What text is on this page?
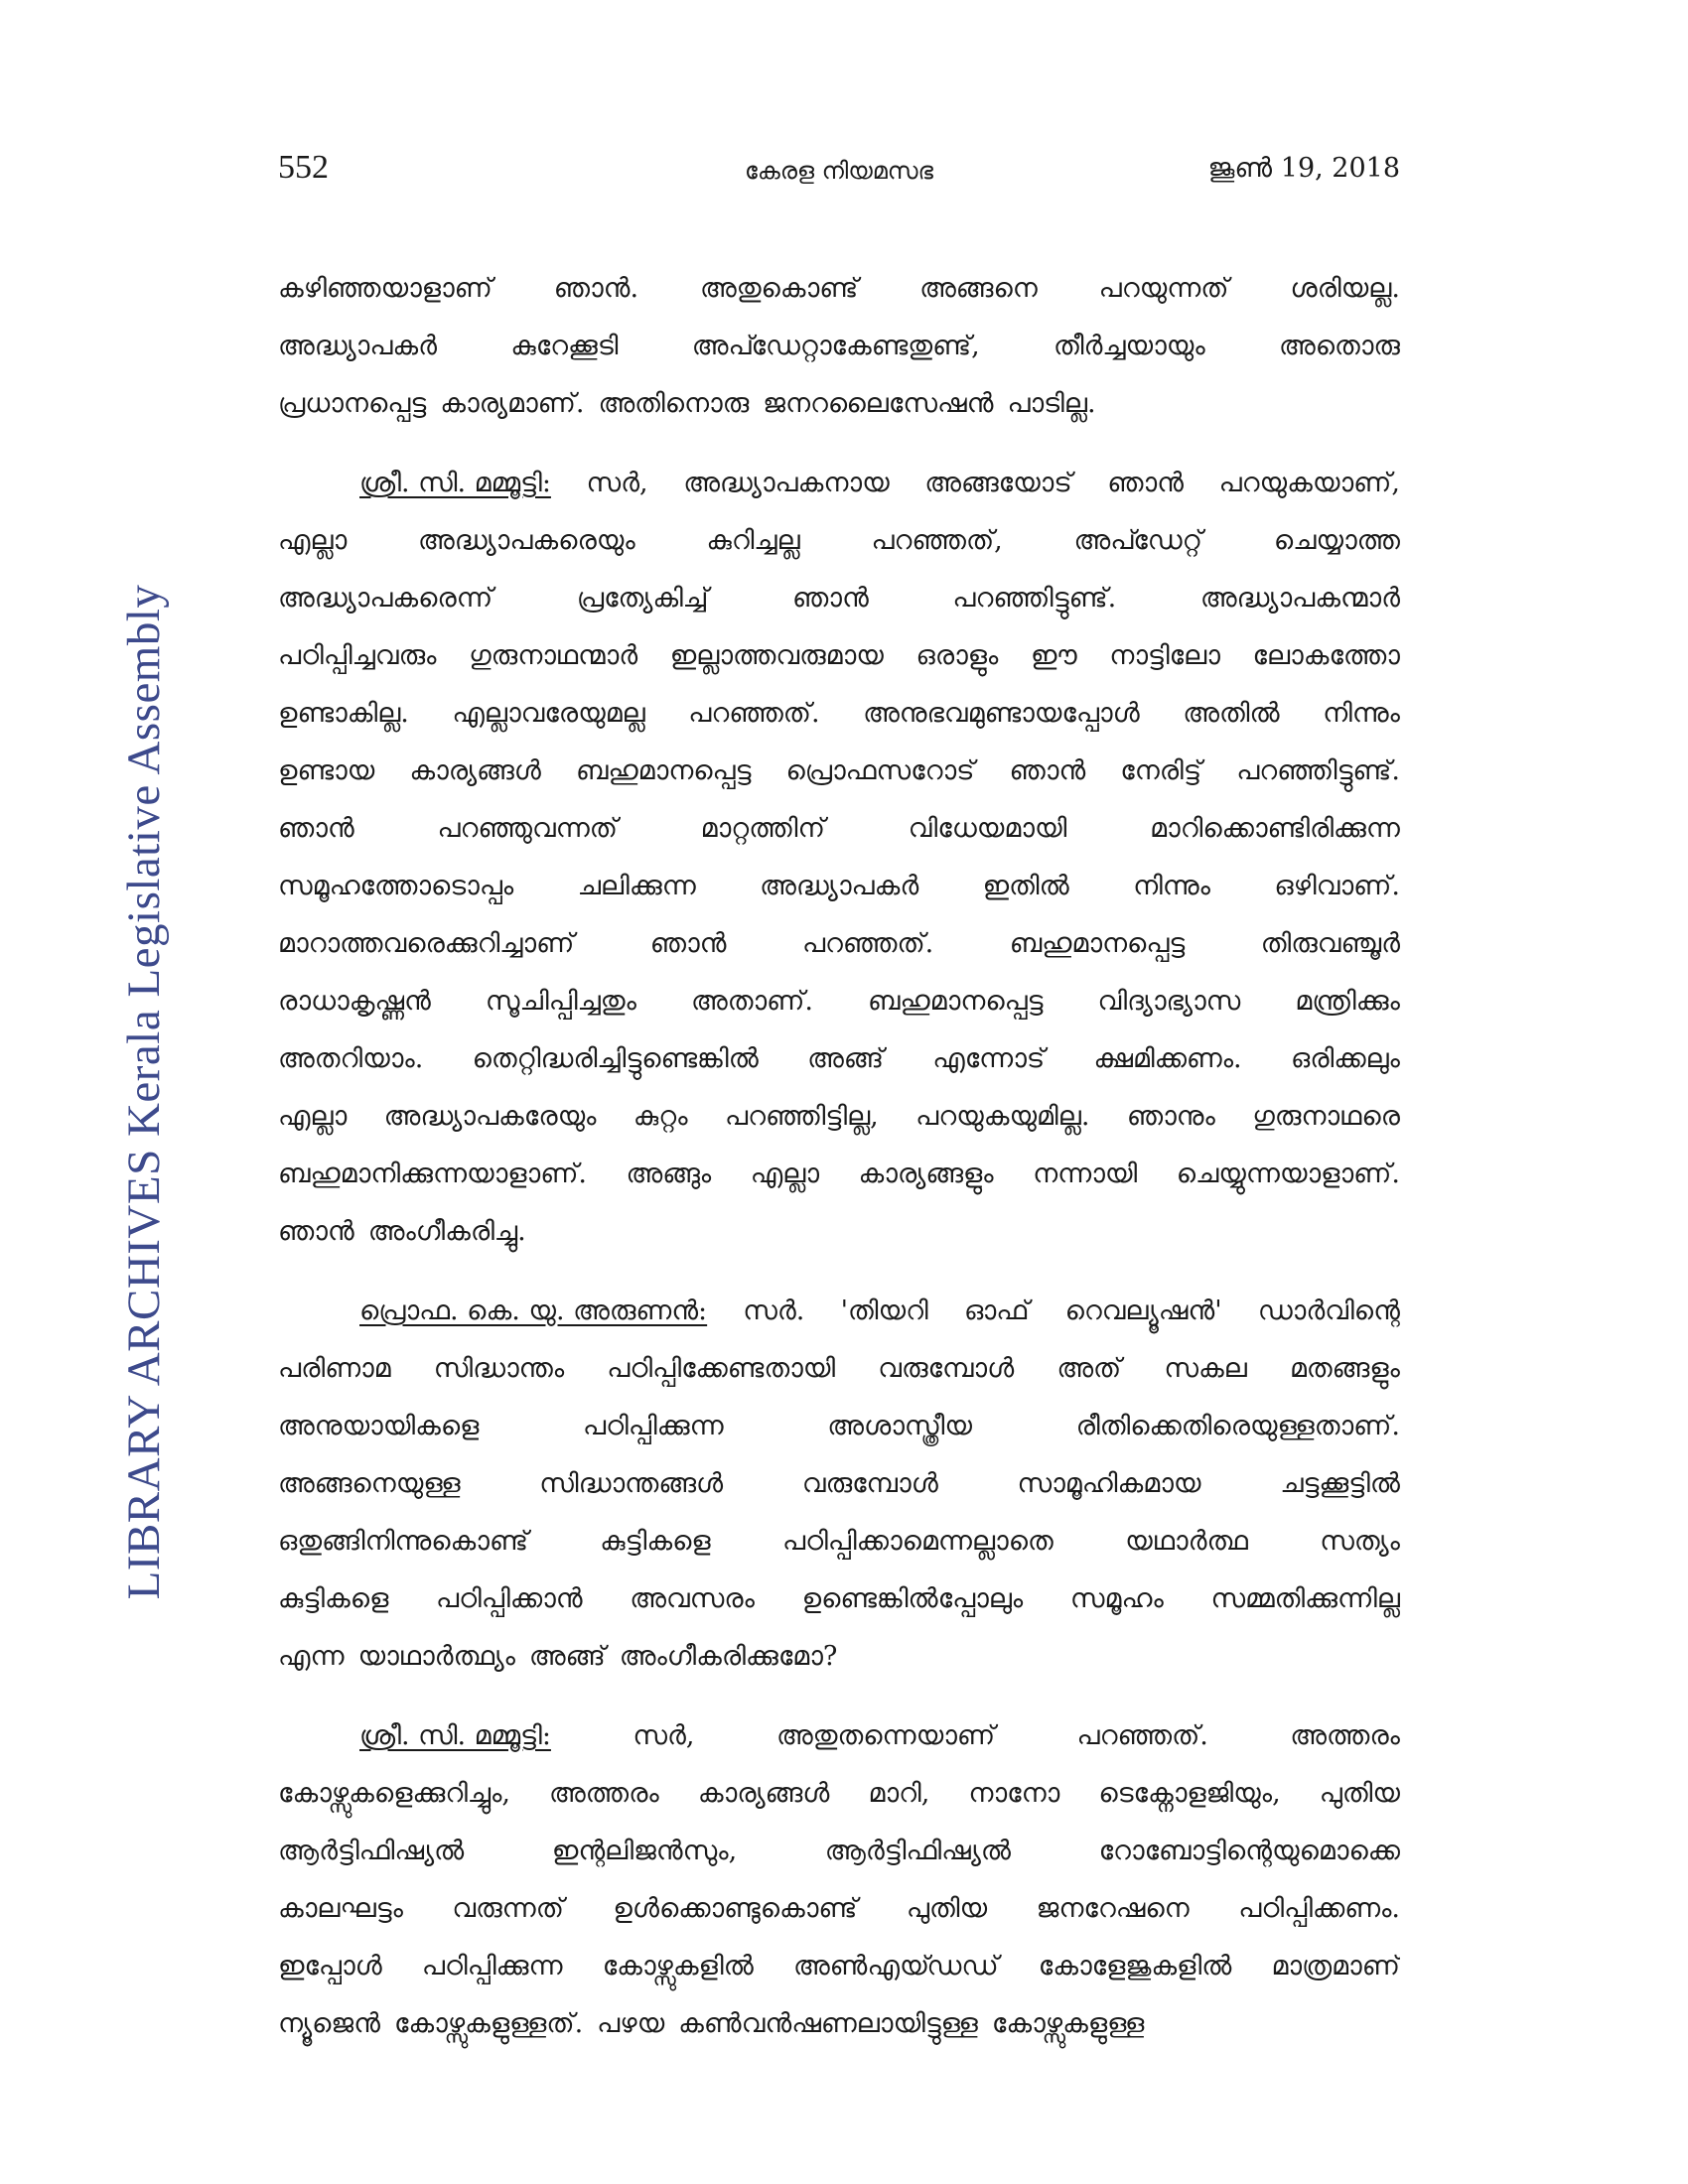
552	കേരള നിയമസഭ	ജൂൺ 19, 2018
LIBRARY ARCHIVES Kerala Legislative Assembly
കഴിഞ്ഞയാളാണ് ഞാൻ. അതുകൊണ്ട് അങ്ങനെ പറയുന്നത് ശരിയല്ല.
അദ്ധ്യാപകർ	കുറേക്കൂടി	അപ്ഡേറ്റാകേണ്ടതുണ്ട്,	തീർച്ചയായും	അതൊരു
പ്രധാനപ്പെട്ട കാര്യമാണ്. അതിനൊരു ജനറലൈസേഷൻ പാടില്ല.
ശ്രീ. സി. മമ്മൂട്ടി: സർ, അദ്ധ്യാപകനായ അങ്ങയോട് ഞാൻ പറയുകയാണ്,
എല്ലാ	അദ്ധ്യാപകരെയും	കുറിച്ചല്ല	പറഞ്ഞത്,	അപ്ഡേറ്റ്	ചെയ്യാത്ത
അദ്ധ്യാപകരെന്ന്	പ്രത്യേകിച്ച്	ഞാൻ	പറഞ്ഞിട്ടുണ്ട്.	അദ്ധ്യാപകന്മാർ
പഠിപ്പിച്ചവരും ഗുരുനാഥന്മാർ ഇല്ലാത്തവരുമായ ഒരാളും ഈ നാട്ടിലോ ലോകത്തോ
ഉണ്ടാകില്ല. എല്ലാവരേയുമല്ല പറഞ്ഞത്. അനുഭവമുണ്ടായപ്പോൾ അതിൽ നിന്നും
ഉണ്ടായ കാര്യങ്ങൾ ബഹുമാനപ്പെട്ട പ്രൊഫസറോട് ഞാൻ നേരിട്ട് പറഞ്ഞിട്ടുണ്ട്.
ഞാൻ	പറഞ്ഞുവന്നത്	മാറ്റത്തിന്	വിധേയമായി	മാറിക്കൊണ്ടിരിക്കുന്ന
സമൂഹത്തോടൊപ്പം ചലിക്കുന്ന അദ്ധ്യാപകർ ഇതിൽ നിന്നും ഒഴിവാണ്.
മാറാത്തവരെക്കുറിച്ചാണ്	ഞാൻ	പറഞ്ഞത്.	ബഹുമാനപ്പെട്ട	തിരുവഞ്ചൂർ
രാധാകൃഷ്ണൻ സൂചിപ്പിച്ചതും അതാണ്. ബഹുമാനപ്പെട്ട വിദ്യാഭ്യാസ മന്ത്രിക്കും
അതറിയാം. തെറ്റിദ്ധരിച്ചിട്ടുണ്ടെങ്കിൽ അങ്ങ് എന്നോട് ക്ഷമിക്കണം. ഒരിക്കലും
എല്ലാ അദ്ധ്യാപകരേയും കുറ്റം പറഞ്ഞിട്ടില്ല, പറയുകയുമില്ല. ഞാനും ഗുരുനാഥരെ
ബഹുമാനിക്കുന്നയാളാണ്. അങ്ങും എല്ലാ കാര്യങ്ങളും നന്നായി ചെയ്യുന്നയാളാണ്.
ഞാൻ അംഗീകരിച്ചു.
പ്രൊഫ. കെ. യു. അരുണൻ: സർ. 'തിയറി ഓഫ് റെവല്യൂഷൻ' ഡാർവിന്റെ
പരിണാമ സിദ്ധാന്തം പഠിപ്പിക്കേണ്ടതായി വരുമ്പോൾ അത് സകല മതങ്ങളും
അനുയായികളെ	പഠിപ്പിക്കുന്ന	അശാസ്ത്രീയ	രീതിക്കെതിരെയുള്ളതാണ്.
അങ്ങനെയുള്ള	സിദ്ധാന്തങ്ങൾ	വരുമ്പോൾ	സാമൂഹികമായ	ചട്ടക്കൂട്ടിൽ
ഒതുങ്ങിനിന്നുകൊണ്ട്	കുട്ടികളെ	പഠിപ്പിക്കാമെന്നല്ലാതെ	യഥാർത്ഥ	സത്യം
കുട്ടികളെ പഠിപ്പിക്കാൻ അവസരം ഉണ്ടെങ്കിൽപ്പോലും സമൂഹം സമ്മതിക്കുന്നില്ല
എന്ന യാഥാർത്ഥ്യം അങ്ങ് അംഗീകരിക്കുമോ?
ശ്രീ. സി. മമ്മൂട്ടി:	സർ,	അതുതന്നെയാണ്	പറഞ്ഞത്.	അത്തരം
കോഴ്സുകളെക്കുറിച്ചും, അത്തരം കാര്യങ്ങൾ മാറി, നാനോ ടെക്നോളജിയും, പുതിയ
ആർട്ടിഫിഷ്യൽ	ഇന്റലിജൻസും,	ആർട്ടിഫിഷ്യൽ	റോബോട്ടിന്റെയുമൊക്കെ
കാലഘട്ടം വരുന്നത് ഉൾക്കൊണ്ടുകൊണ്ട് പുതിയ ജനറേഷനെ പഠിപ്പിക്കണം.
ഇപ്പോൾ പഠിപ്പിക്കുന്ന കോഴ്സുകളിൽ അൺഎയ്ഡഡ് കോളേജുകളിൽ മാത്രമാണ്
ന്യൂജെൻ കോഴ്സുകളുള്ളത്. പഴയ കൺവൻഷണലായിട്ടുള്ള കോഴ്സുകളുള്ള
